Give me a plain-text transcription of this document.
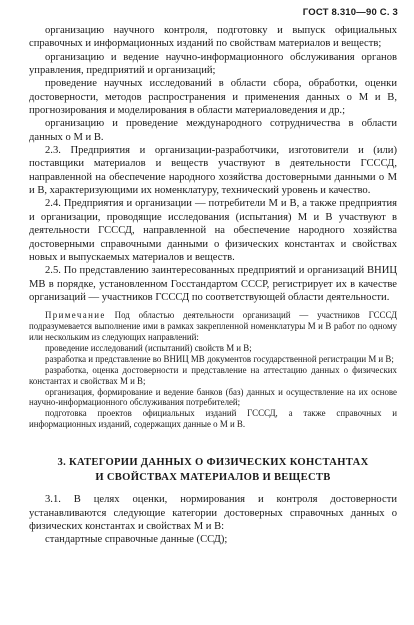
ГОСТ 8.310—90 С. 3

организацию научного контроля, подготовку и выпуск официальных справочных и информационных изданий по свойствам материалов и веществ;

организацию и ведение научно-информационного обслуживания органов управления, предприятий и организаций;

проведение научных исследований в области сбора, обработки, оценки достоверности, методов распространения и применения данных о М и В, прогнозирования и моделирования в области материаловедения и др.;

организацию и проведение международного сотрудничества в области данных о М и В.

2.3. Предприятия и организации-разработчики, изготовители и (или) поставщики материалов и веществ участвуют в деятельности ГСССД, направленной на обеспечение народного хозяйства достоверными данными о М и В, характеризующими их номенклатуру, технический уровень и качество.

2.4. Предприятия и организации — потребители М и В, а также предприятия и организации, проводящие исследования (испытания) М и В участвуют в деятельности ГСССД, направленной на обеспечение народного хозяйства достоверными справочными данными о физических константах и свойствах новых и выпускаемых материалов и веществ.

2.5. По представлению заинтересованных предприятий и организаций ВНИЦ МВ в порядке, установленном Госстандартом СССР, регистрирует их в качестве организаций — участников ГСССД по соответствующей области деятельности.

Примечание Под областью деятельности организаций — участников ГСССД подразумевается выполнение ими в рамках закрепленной номенклатуры М и В работ по одному или нескольким из следующих направлений:

проведение исследований (испытаний) свойств М и В;

разработка и представление во ВНИЦ МВ документов государственной регистрации М и В;

разработка, оценка достоверности и представление на аттестацию данных о физических константах и свойствах М и В;

организация, формирование и ведение банков (баз) данных и осуществление на их основе научно-информационного обслуживания потребителей;

подготовка проектов официальных изданий ГСССД, а также справочных и информационных изданий, содержащих данные о М и В.

3. КАТЕГОРИИ ДАННЫХ О ФИЗИЧЕСКИХ КОНСТАНТАХ

И СВОЙСТВАХ МАТЕРИАЛОВ И ВЕЩЕСТВ

3.1. В целях оценки, нормирования и контроля достоверности устанавливаются следующие категории достоверных справочных данных о физических константах и свойствах М и В:

стандартные справочные данные (ССД);
